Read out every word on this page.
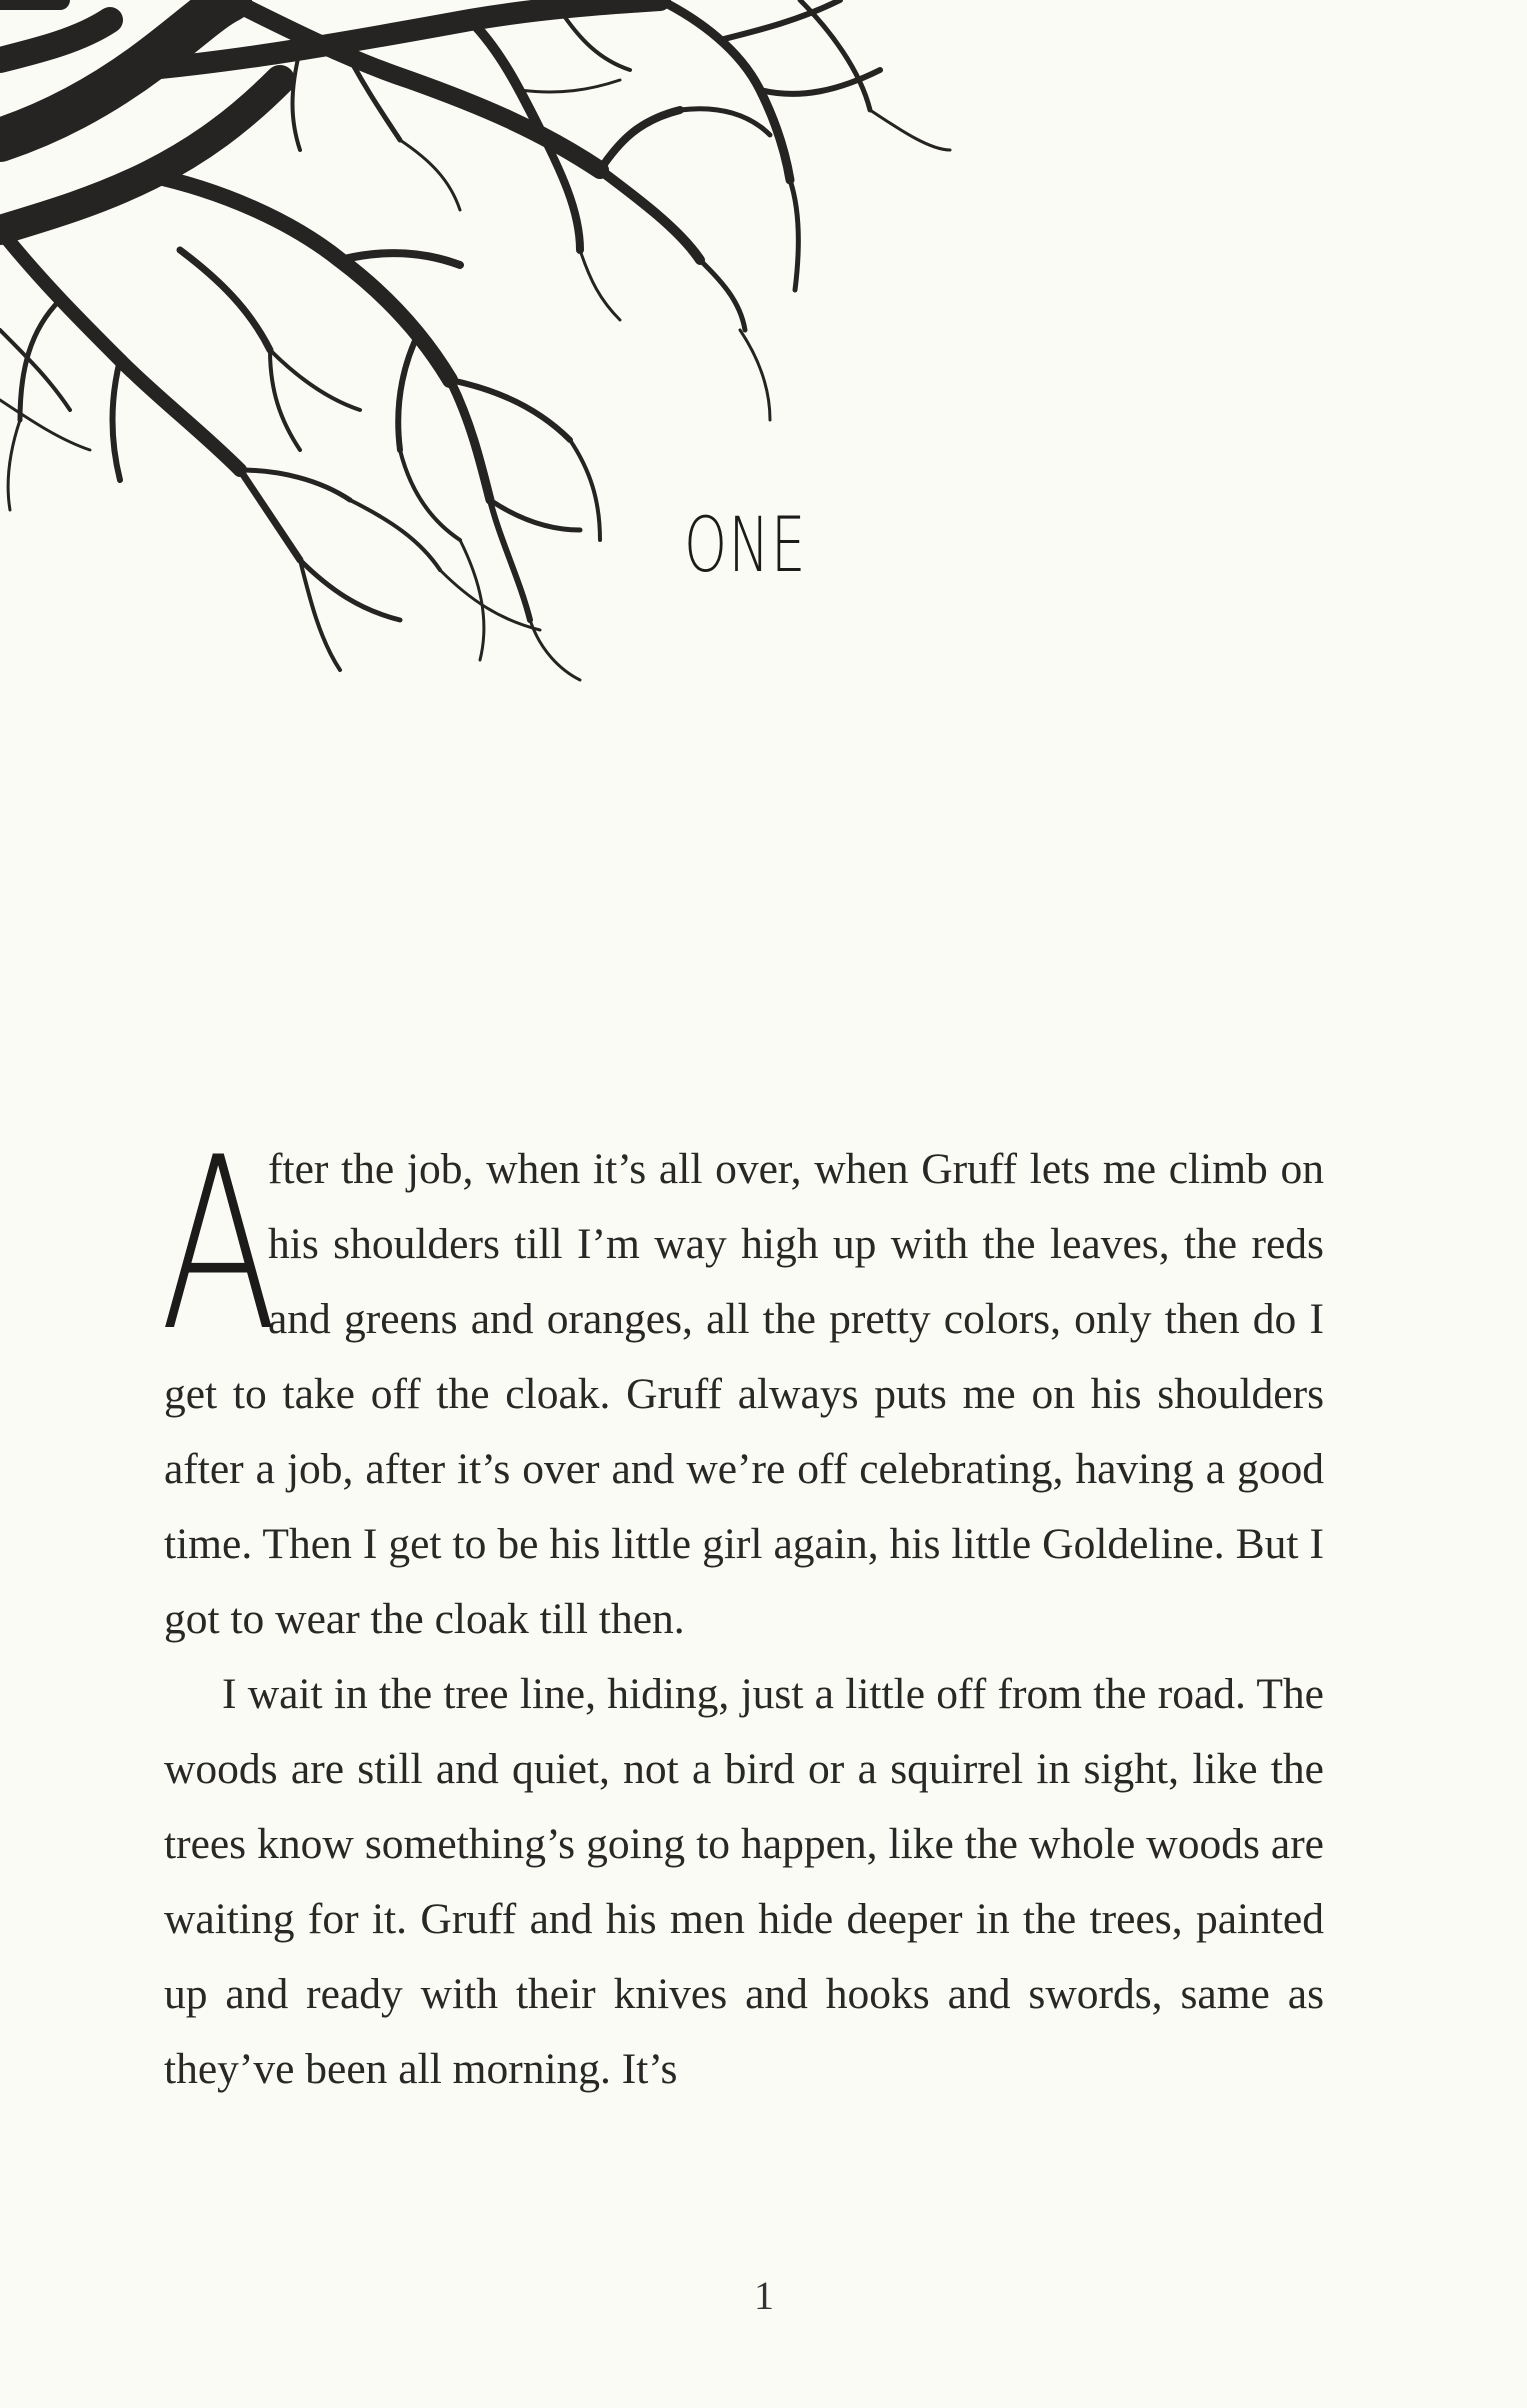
ONE

A
fter the job, when it’s all over, when Gruff lets me climb on his shoulders till I’m way high up with the leaves, the reds and greens and oranges, all the pretty colors, only then do I get to take off the cloak. Gruff always puts me on his shoulders after a job, after it’s over and we’re off celebrating, having a good time. Then I get to be his little girl again, his little Goldeline. But I got to wear the cloak till then.

I wait in the tree line, hiding, just a little off from the road. The woods are still and quiet, not a bird or a squirrel in sight, like the trees know something’s going to happen, like the whole woods are waiting for it. Gruff and his men hide deeper in the trees, painted up and ready with their knives and hooks and swords, same as they’ve been all morning. It’s

1
